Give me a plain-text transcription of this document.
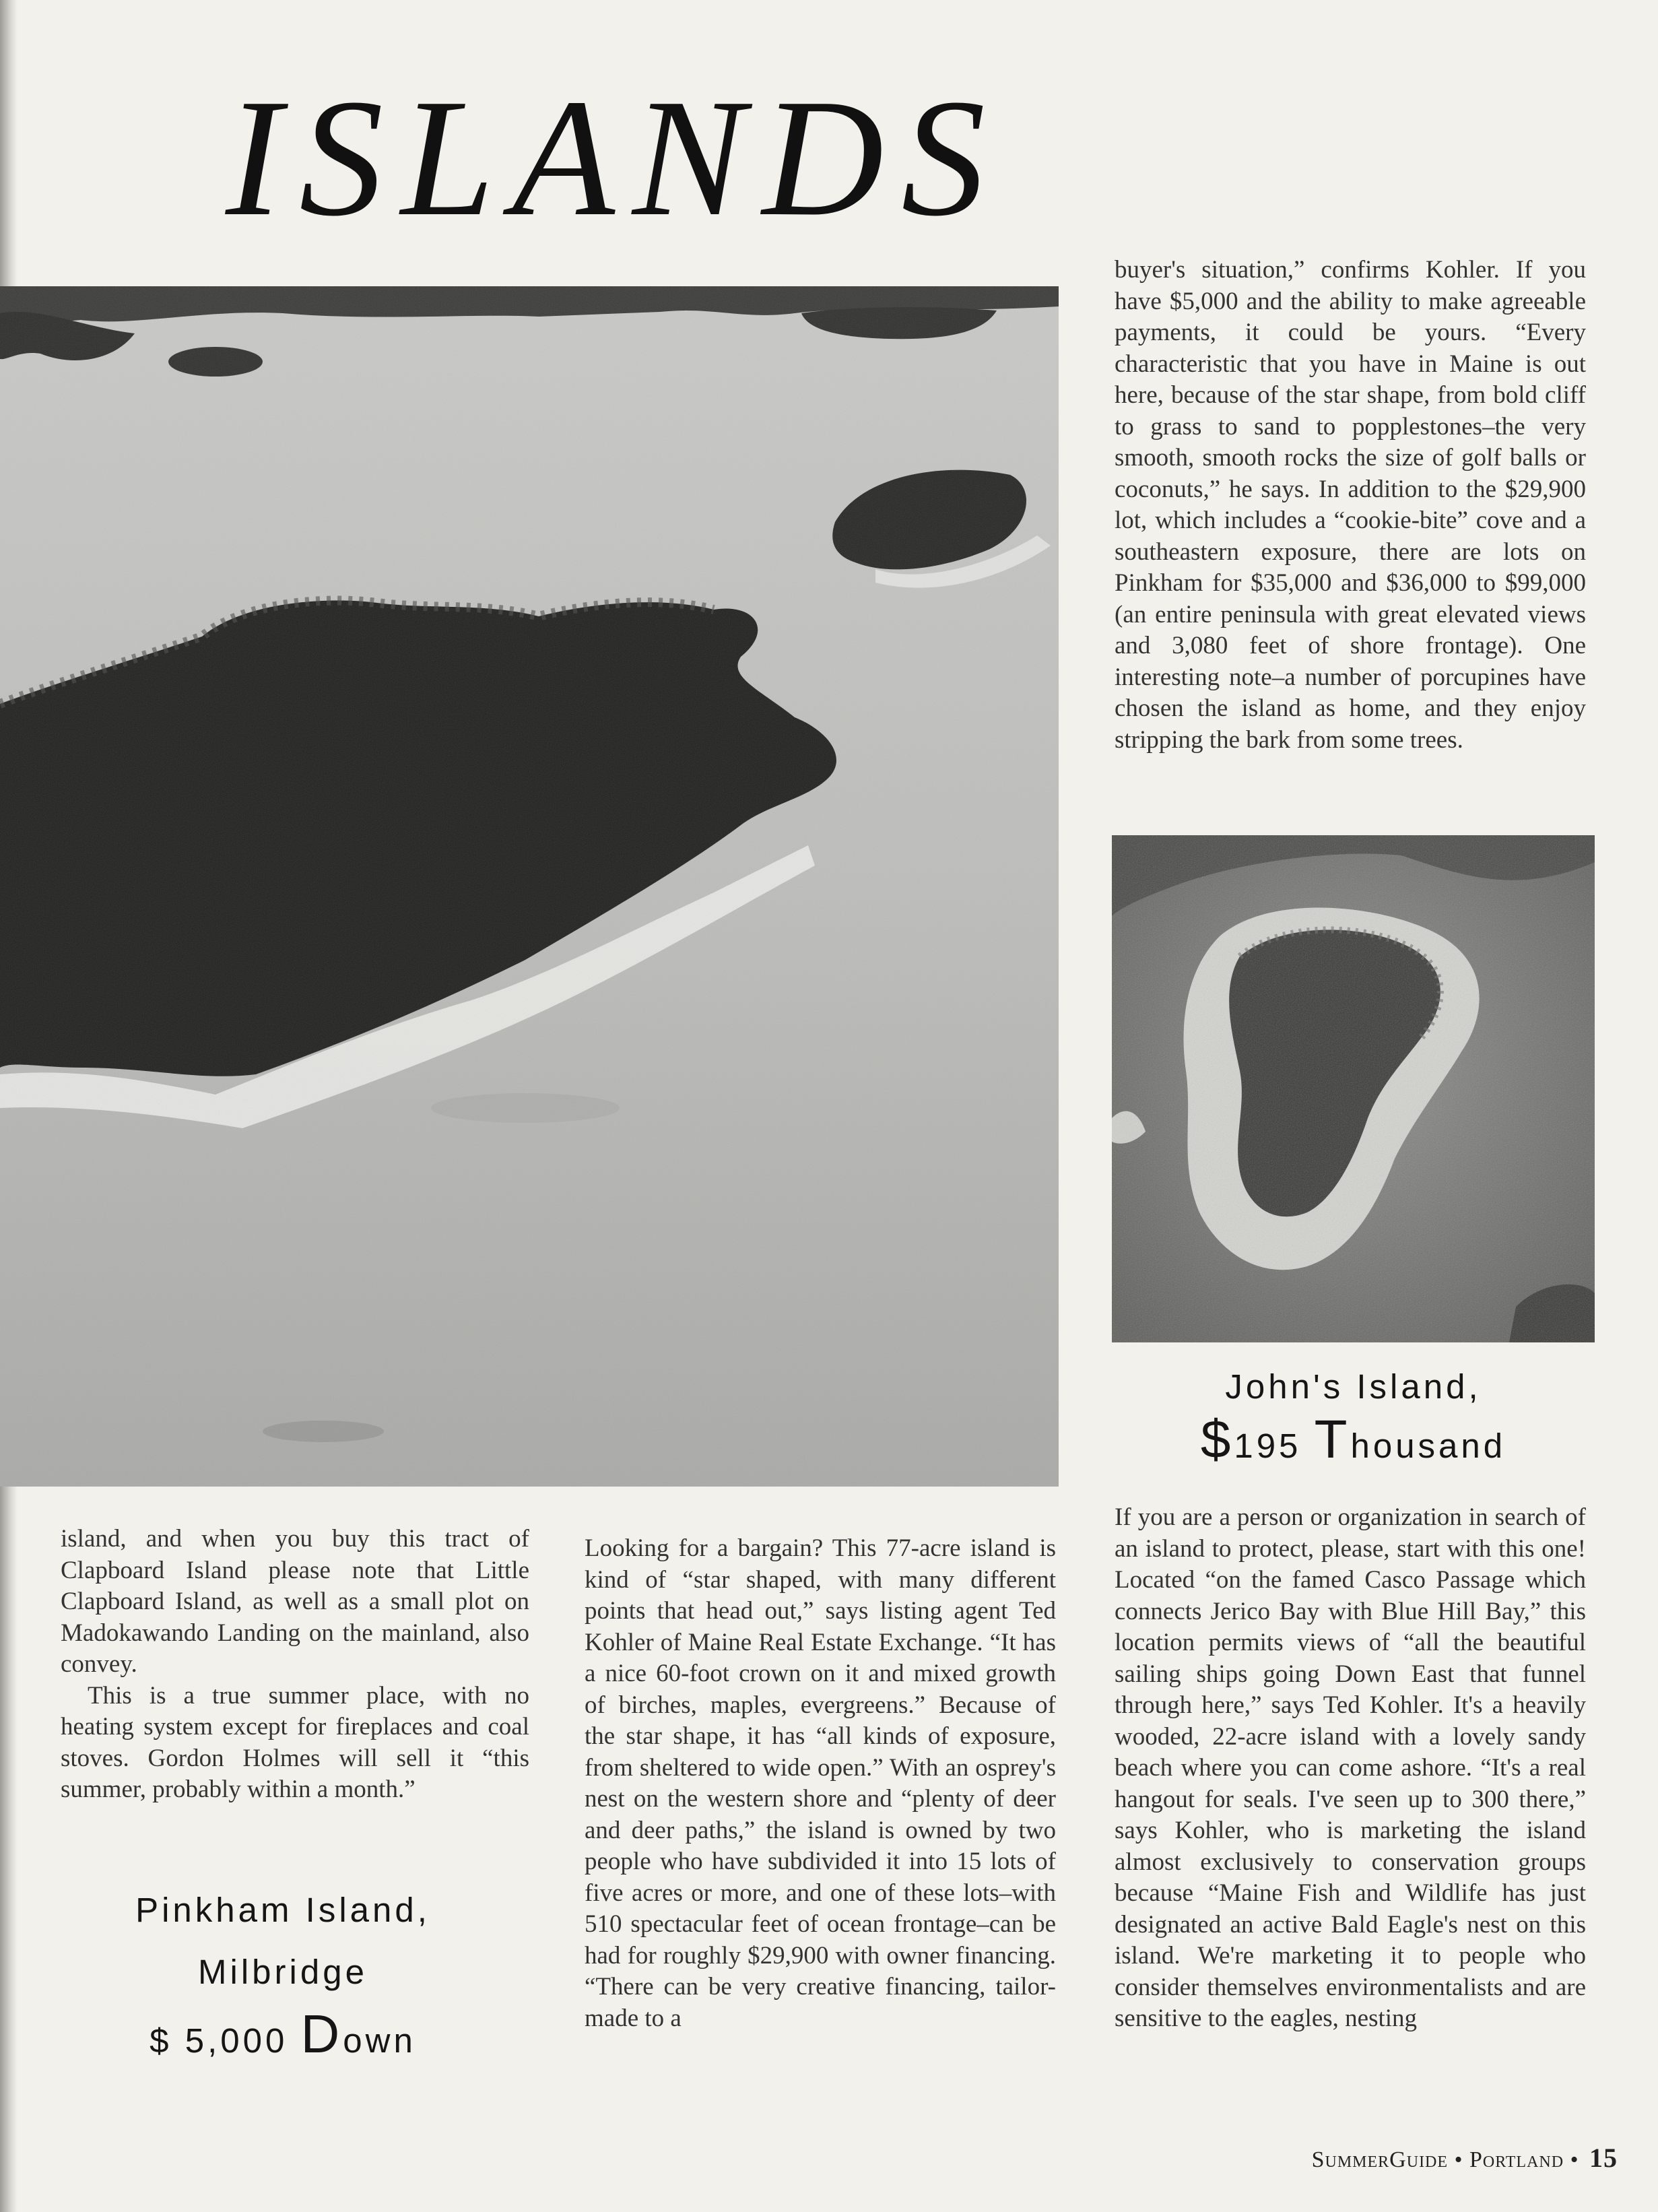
ISLANDS

buyer's situation,” confirms Kohler. If you have $5,000 and the ability to make agreeable payments, it could be yours. “Every characteristic that you have in Maine is out here, because of the star shape, from bold cliff to grass to sand to popplestones–the very smooth, smooth rocks the size of golf balls or coconuts,” he says. In addition to the $29,900 lot, which includes a “cookie-bite” cove and a southeastern exposure, there are lots on Pinkham for $35,000 and $36,000 to $99,000 (an entire peninsula with great elevated views and 3,080 feet of shore frontage). One interesting note–a number of porcupines have chosen the island as home, and they enjoy stripping the bark from some trees.

John's Island,
$195 Thousand

island, and when you buy this tract of Clapboard Island please note that Little Clapboard Island, as well as a small plot on Madokawando Landing on the mainland, also convey.

This is a true summer place, with no heating system except for fireplaces and coal stoves. Gordon Holmes will sell it “this summer, probably within a month.”

Pinkham Island,
Milbridge
$ 5,000 Down

Looking for a bargain? This 77-acre island is kind of “star shaped, with many different points that head out,” says listing agent Ted Kohler of Maine Real Estate Exchange. “It has a nice 60-foot crown on it and mixed growth of birches, maples, evergreens.” Because of the star shape, it has “all kinds of exposure, from sheltered to wide open.” With an osprey's nest on the western shore and “plenty of deer and deer paths,” the island is owned by two people who have subdivided it into 15 lots of five acres or more, and one of these lots–with 510 spectacular feet of ocean frontage–can be had for roughly $29,900 with owner financing. “There can be very creative financing, tailor- made to a

If you are a person or organization in search of an island to protect, please, start with this one! Located “on the famed Casco Passage which connects Jerico Bay with Blue Hill Bay,” this location permits views of “all the beautiful sailing ships going Down East that funnel through here,” says Ted Kohler. It's a heavily wooded, 22-acre island with a lovely sandy beach where you can come ashore. “It's a real hangout for seals. I've seen up to 300 there,” says Kohler, who is marketing the island almost exclusively to conservation groups because “Maine Fish and Wildlife has just designated an active Bald Eagle's nest on this island. We're marketing it to people who consider themselves environmentalists and are sensitive to the eagles, nesting

SummerGuide • Portland • 15
